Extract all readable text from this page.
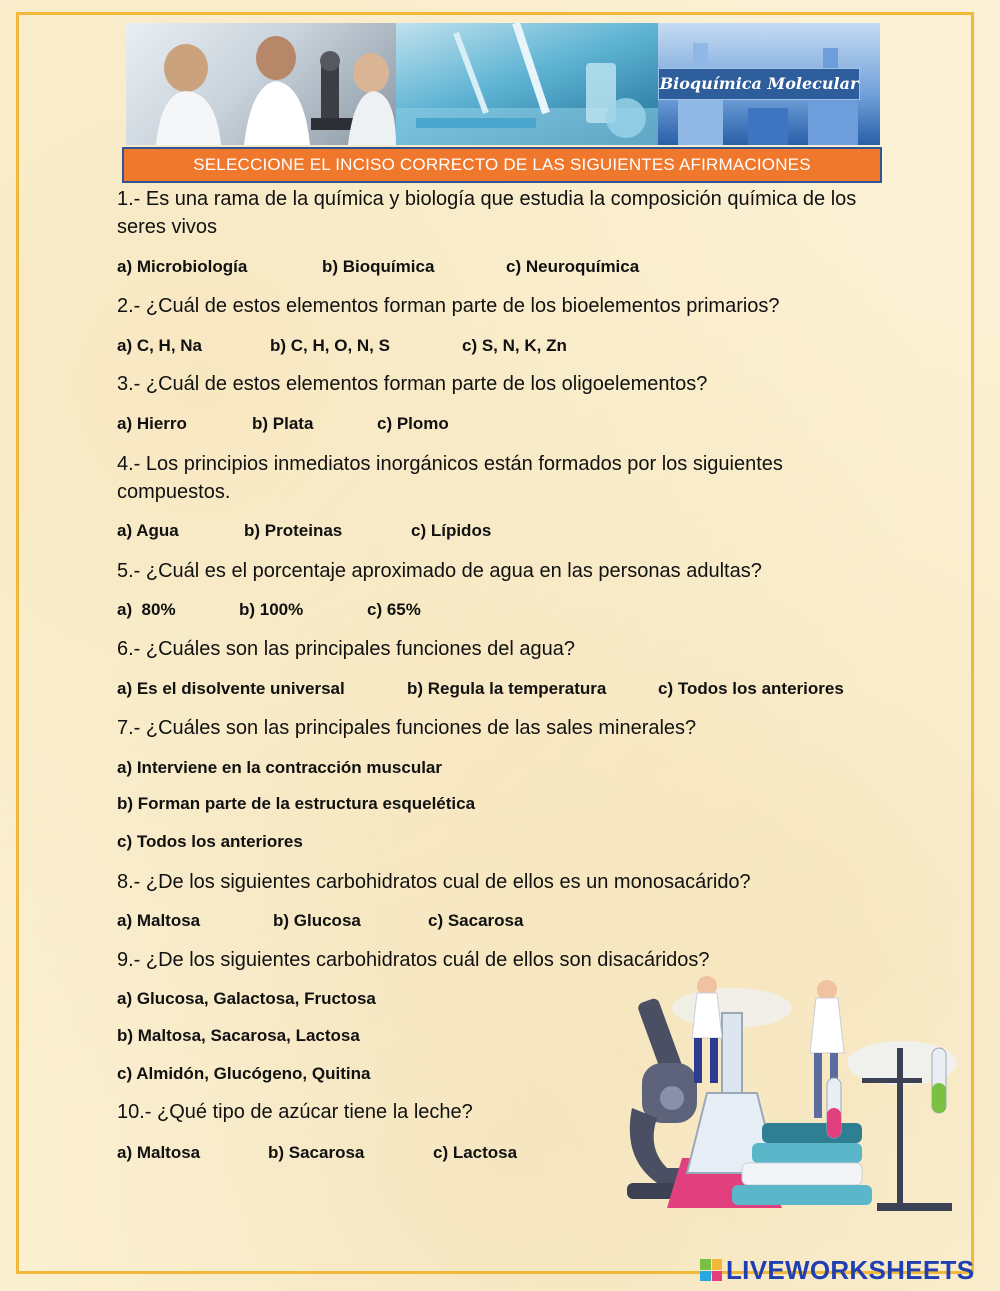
Bioquímica Molecular
SELECCIONE EL INCISO CORRECTO DE LAS SIGUIENTES AFIRMACIONES

1.- Es una rama de la química y biología que estudia la composición química de los seres vivos

a) Microbiología	b) Bioquímica	c) Neuroquímica

2.- ¿Cuál de estos elementos forman parte de los bioelementos primarios?

a) C, H, Na	b) C, H, O, N, S	c) S, N, K, Zn

3.- ¿Cuál de estos elementos forman parte de los oligoelementos?

a) Hierro	b) Plata	c) Plomo

4.- Los principios inmediatos inorgánicos están formados por los siguientes compuestos.

a) Agua	b) Proteinas	c) Lípidos

5.- ¿Cuál es el porcentaje aproximado de agua en las personas adultas?

a)  80%	b) 100%	c) 65%

6.- ¿Cuáles son las principales funciones del agua?

a) Es el disolvente universal	b) Regula la temperatura	c) Todos los anteriores

7.- ¿Cuáles son las principales funciones de las sales minerales?

a) Interviene en la contracción muscular
b) Forman parte de la estructura esquelética
c) Todos los anteriores

8.- ¿De los siguientes carbohidratos cual de ellos es un monosacárido?

a) Maltosa	b) Glucosa	c) Sacarosa

9.- ¿De los siguientes carbohidratos cuál de ellos son disacáridos?

a) Glucosa, Galactosa, Fructosa
b) Maltosa, Sacarosa, Lactosa
c) Almidón, Glucógeno, Quitina

10.- ¿Qué tipo de azúcar tiene la leche?

a) Maltosa	b) Sacarosa	c) Lactosa
LIVEWORKSHEETS
